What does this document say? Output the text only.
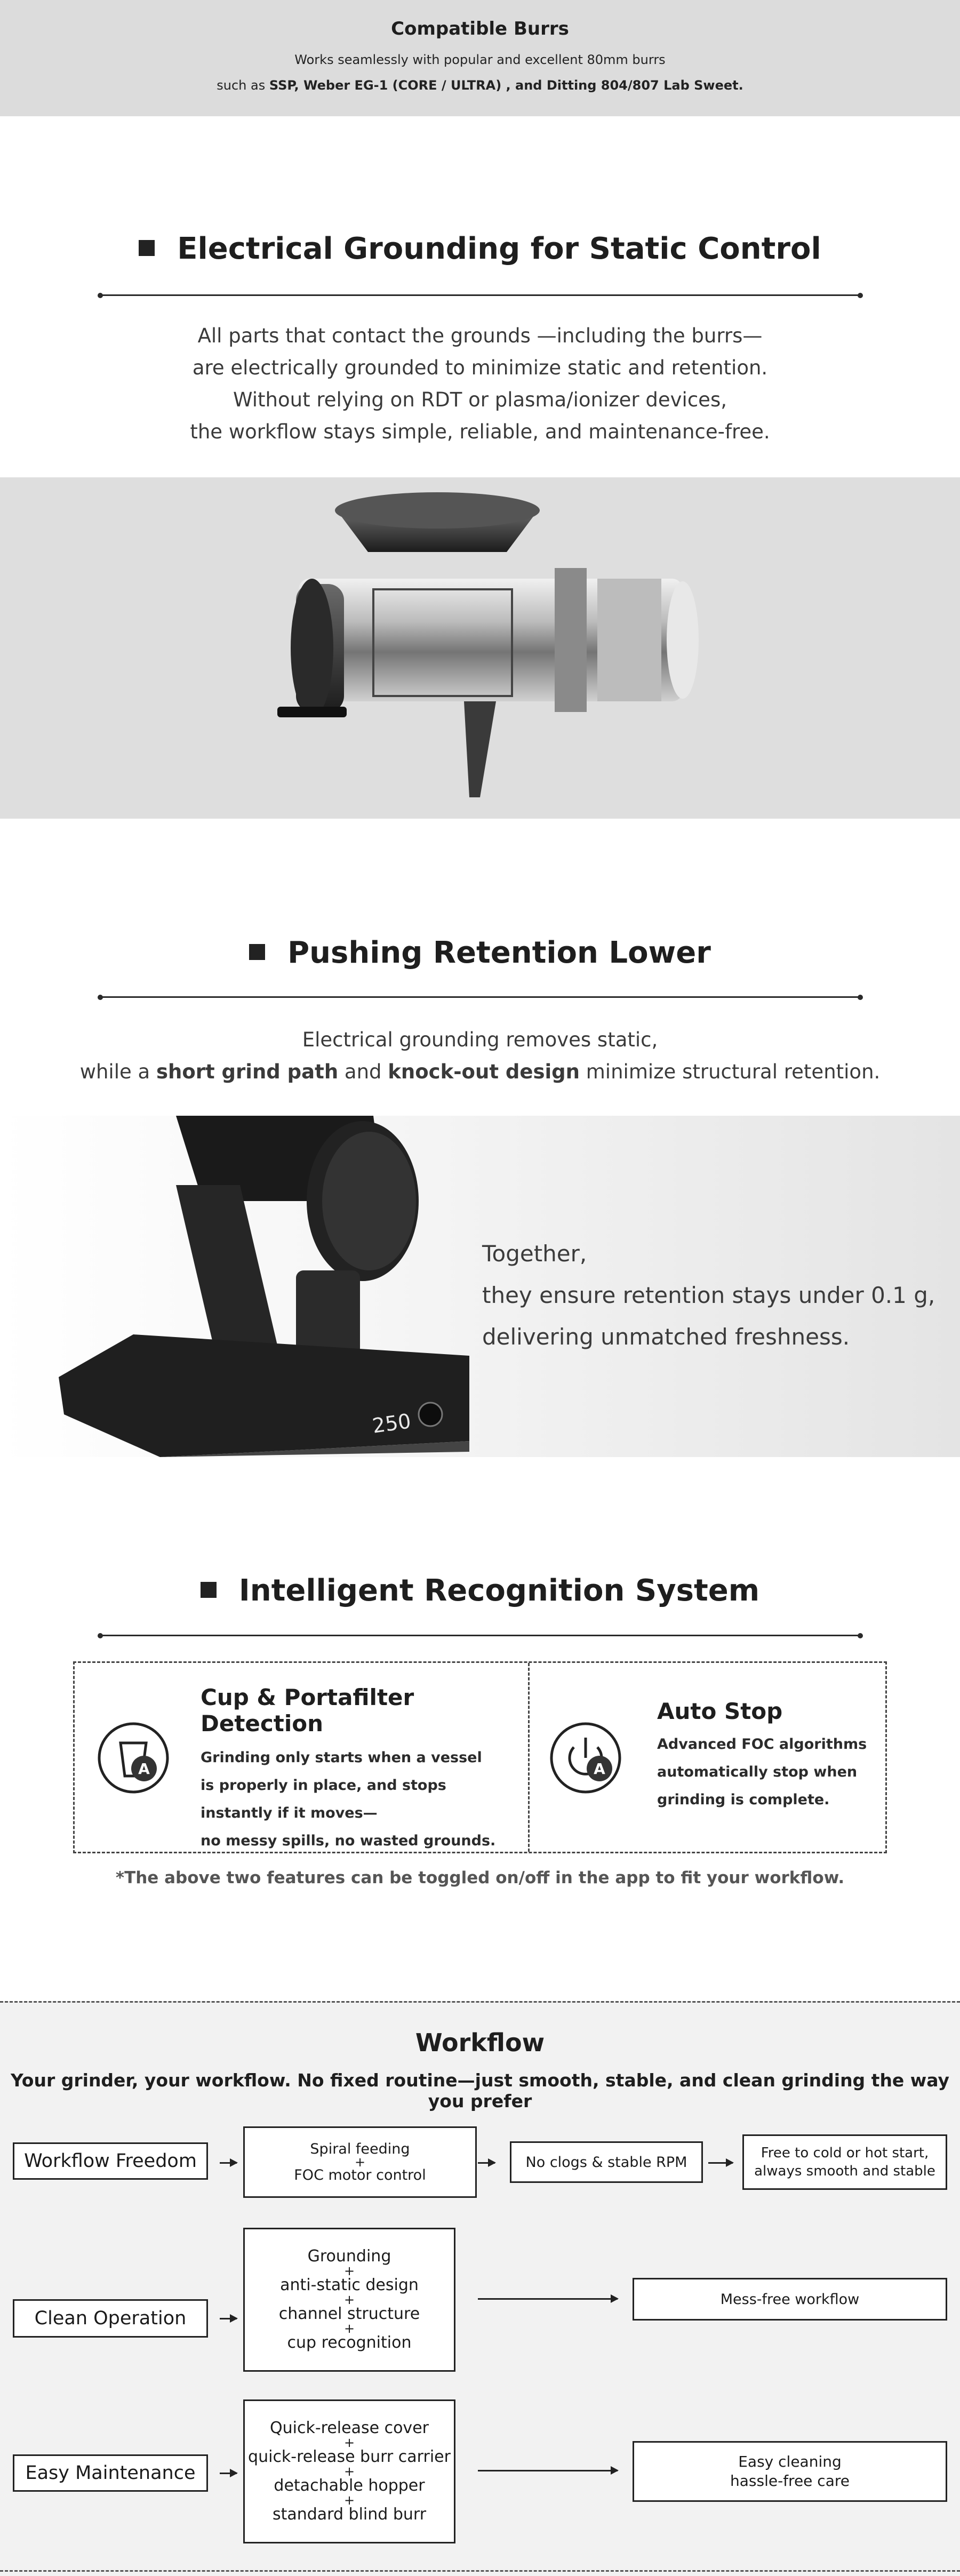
Compatible Burrs
Works seamlessly with popular and excellent 80mm burrs
such as SSP, Weber EG-1 (CORE / ULTRA) , and Ditting 804/807 Lab Sweet.
Electrical Grounding for Static Control
All parts that contact the grounds —including the burrs—
are electrically grounded to minimize static and retention.
Without relying on RDT or plasma/ionizer devices,
the workflow stays simple, reliable, and maintenance-free.
Pushing Retention Lower
Electrical grounding removes static,
while a short grind path and knock-out design minimize structural retention.
250
Together,
they ensure retention stays under 0.1 g,
delivering unmatched freshness.
Intelligent Recognition System
A
Cup & Portafilter Detection
Grinding only starts when a vessel
is properly in place, and stops
instantly if it moves—
no messy spills, no wasted grounds.
A
Auto Stop
Advanced FOC algorithms
automatically stop when
grinding is complete.
*The above two features can be toggled on/off in the app to fit your workflow.
Workflow
Your grinder, your workflow. No fixed routine—just smooth, stable, and clean grinding the way you prefer
Workflow Freedom
Spiral feeding
+
FOC motor control
No clogs & stable RPM
Free to cold or hot start,
always smooth and stable
Clean Operation
Grounding
+
anti-static design
+
channel structure
+
cup recognition
Mess-free workflow
Easy Maintenance
Quick-release cover
+
quick-release burr carrier
+
detachable hopper
+
standard blind burr
Easy cleaning
hassle-free care
